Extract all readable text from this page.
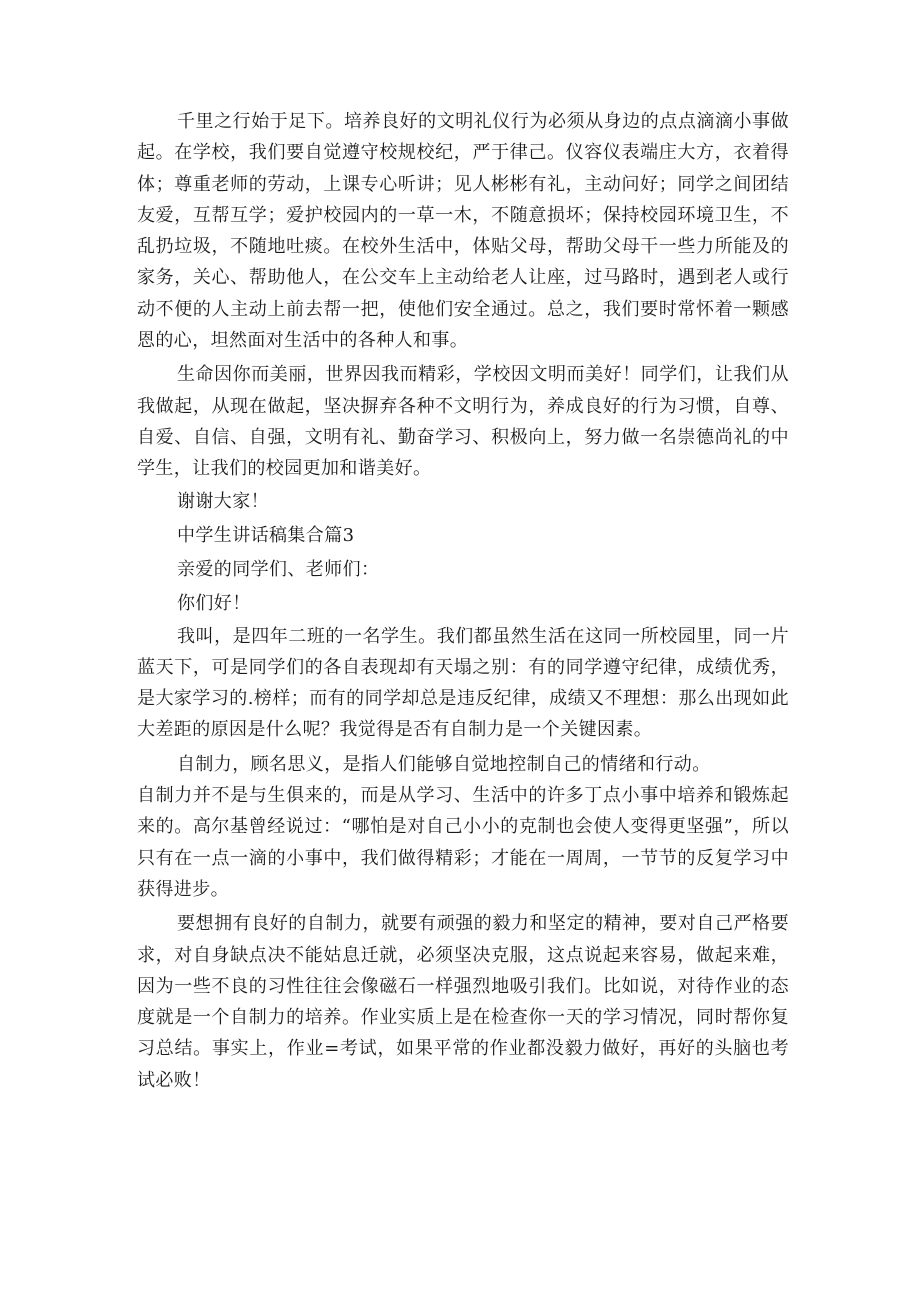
千里之行始于足下。培养良好的文明礼仪行为必须从身边的点点滴滴小事做起。在学校，我们要自觉遵守校规校纪，严于律己。仪容仪表端庄大方，衣着得体；尊重老师的劳动，上课专心听讲；见人彬彬有礼，主动问好；同学之间团结友爱，互帮互学；爱护校园内的一草一木，不随意损坏；保持校园环境卫生，不乱扔垃圾，不随地吐痰。在校外生活中，体贴父母，帮助父母干一些力所能及的家务，关心、帮助他人，在公交车上主动给老人让座，过马路时，遇到老人或行动不便的人主动上前去帮一把，使他们安全通过。总之，我们要时常怀着一颗感恩的心，坦然面对生活中的各种人和事。

生命因你而美丽，世界因我而精彩，学校因文明而美好！同学们，让我们从我做起，从现在做起，坚决摒弃各种不文明行为，养成良好的行为习惯，自尊、自爱、自信、自强，文明有礼、勤奋学习、积极向上，努力做一名崇德尚礼的中学生，让我们的校园更加和谐美好。

谢谢大家！

中学生讲话稿集合篇3

亲爱的同学们、老师们：

你们好！

我叫，是四年二班的一名学生。我们都虽然生活在这同一所校园里，同一片蓝天下，可是同学们的各自表现却有天塌之别：有的同学遵守纪律，成绩优秀，是大家学习的.榜样；而有的同学却总是违反纪律，成绩又不理想：那么出现如此大差距的原因是什么呢？我觉得是否有自制力是一个关键因素。

自制力，顾名思义，是指人们能够自觉地控制自己的情绪和行动。

自制力并不是与生俱来的，而是从学习、生活中的许多丁点小事中培养和锻炼起来的。高尔基曾经说过：“哪怕是对自己小小的克制也会使人变得更坚强”，所以只有在一点一滴的小事中，我们做得精彩；才能在一周周，一节节的反复学习中获得进步。

要想拥有良好的自制力，就要有顽强的毅力和坚定的精神，要对自己严格要求，对自身缺点决不能姑息迁就，必须坚决克服，这点说起来容易，做起来难，因为一些不良的习性往往会像磁石一样强烈地吸引我们。比如说，对待作业的态度就是一个自制力的培养。作业实质上是在检查你一天的学习情况，同时帮你复习总结。事实上，作业=考试，如果平常的作业都没毅力做好，再好的头脑也考试必败！
